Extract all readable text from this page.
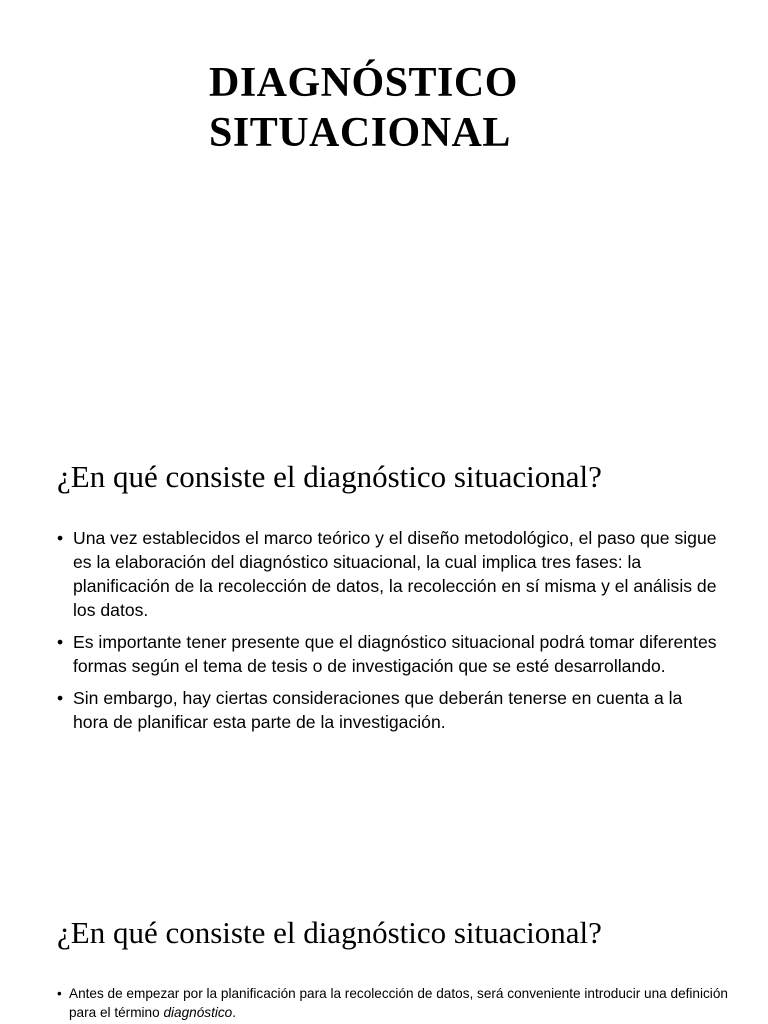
DIAGNÓSTICO
SITUACIONAL
¿En qué consiste el diagnóstico situacional?
• Una vez establecidos el marco teórico y el diseño metodológico, el paso que sigue es la elaboración del diagnóstico situacional, la cual implica tres fases: la planificación de la recolección de datos, la recolección en sí misma y el análisis de los datos.
• Es importante tener presente que el diagnóstico situacional podrá tomar diferentes formas según el tema de tesis o de investigación que se esté desarrollando.
• Sin embargo, hay ciertas consideraciones que deberán tenerse en cuenta a la hora de planificar esta parte de la investigación.
¿En qué consiste el diagnóstico situacional?
• Antes de empezar por la planificación para la recolección de datos, será conveniente introducir una definición para el término diagnóstico.
